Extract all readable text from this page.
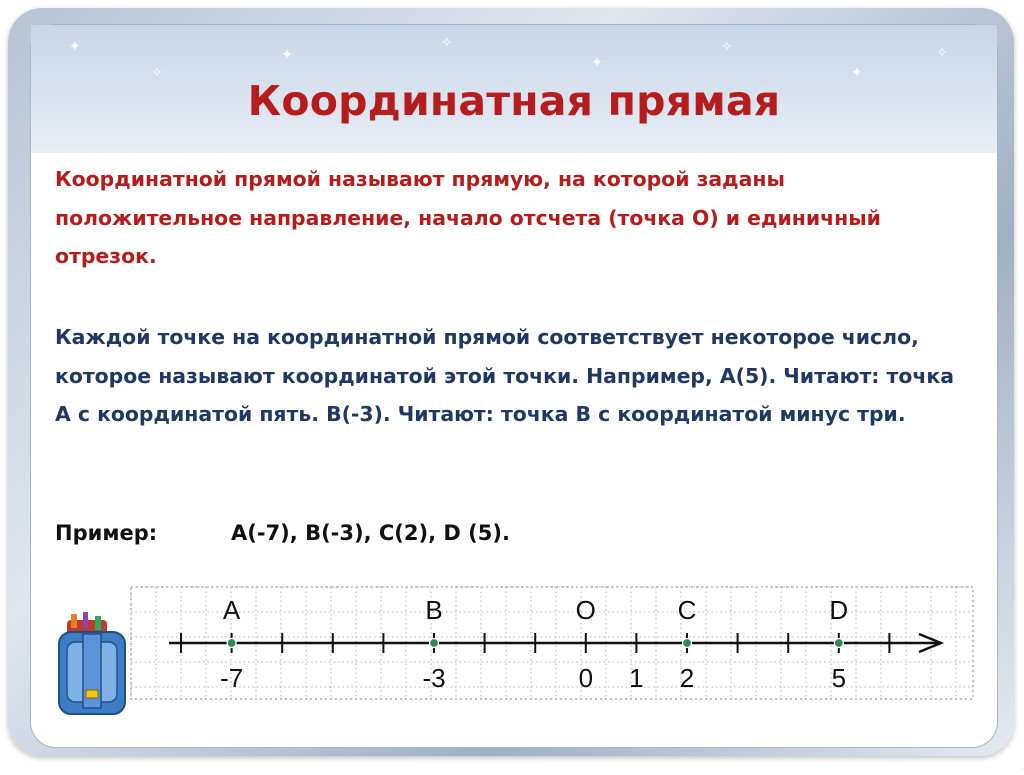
✦
✧
✦
✧
✦
✧
✦
✧
Координатная прямая
Координатной прямой называют прямую, на которой заданы положительное направление, начало отсчета (точка О) и единичный отрезок.
Каждой точке на координатной прямой соответствует некоторое число, которое называют координатой этой точки. Например, А(5). Читают: точка А с координатой пять. В(-3). Читают: точка В с координатой минус три.
Пример:	А(-7), В(-3), С(2), D (5).
A
-7
B
-3
O
0
C
2
D
5
1
·
